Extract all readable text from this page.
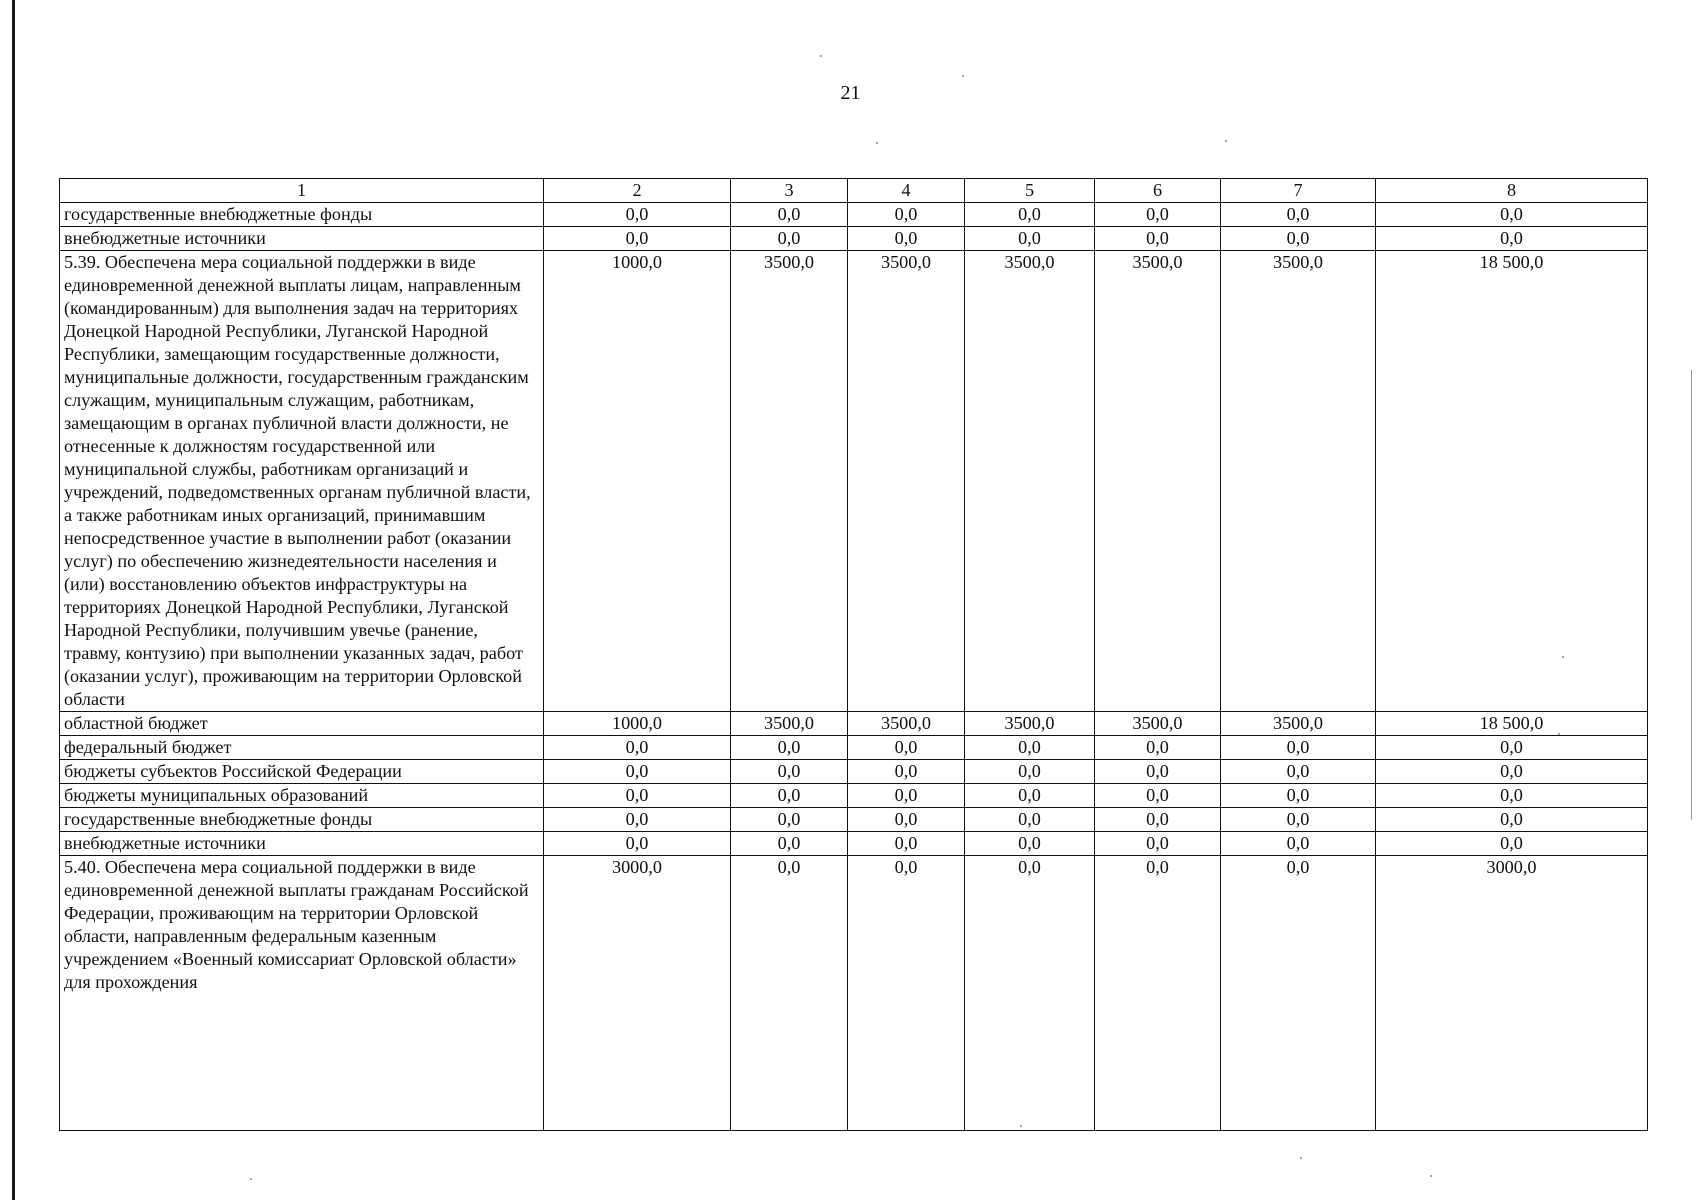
21
1	2	3	4	5	6	7	8
государственные внебюджетные фонды	0,0	0,0	0,0	0,0	0,0	0,0	0,0
внебюджетные источники	0,0	0,0	0,0	0,0	0,0	0,0	0,0
5.39. Обеспечена мера социальной поддержки в виде единовременной денежной выплаты лицам, направленным (командированным) для выполнения задач на территориях Донецкой Народной Республики, Луганской Народной Республики, замещающим государственные должности, муниципальные должности, государственным гражданским служащим, муниципальным служащим, работникам, замещающим в органах публичной власти должности, не отнесенные к должностям государственной или муниципальной службы, работникам организаций и учреждений, подведомственных органам публичной власти, а также работникам иных организаций, принимавшим непосредственное участие в выполнении работ (оказании услуг) по обеспечению жизнедеятельности населения и (или) восстановлению объектов инфраструктуры на территориях Донецкой Народной Республики, Луганской Народной Республики, получившим увечье (ранение, травму, контузию) при выполнении указанных задач, работ (оказании услуг), проживающим на территории Орловской области	1000,0	3500,0	3500,0	3500,0	3500,0	3500,0	18 500,0
областной бюджет	1000,0	3500,0	3500,0	3500,0	3500,0	3500,0	18 500,0
федеральный бюджет	0,0	0,0	0,0	0,0	0,0	0,0	0,0
бюджеты субъектов Российской Федерации	0,0	0,0	0,0	0,0	0,0	0,0	0,0
бюджеты муниципальных образований	0,0	0,0	0,0	0,0	0,0	0,0	0,0
государственные внебюджетные фонды	0,0	0,0	0,0	0,0	0,0	0,0	0,0
внебюджетные источники	0,0	0,0	0,0	0,0	0,0	0,0	0,0

5.40. Обеспечена мера социальной поддержки в виде единовременной денежной выплаты гражданам Российской Федерации, проживающим на территории Орловской области, направленным федеральным казенным учреждением «Военный комиссариат Орловской области» для прохождения	3000,0	0,0	0,0	0,0	0,0	0,0	3000,0
